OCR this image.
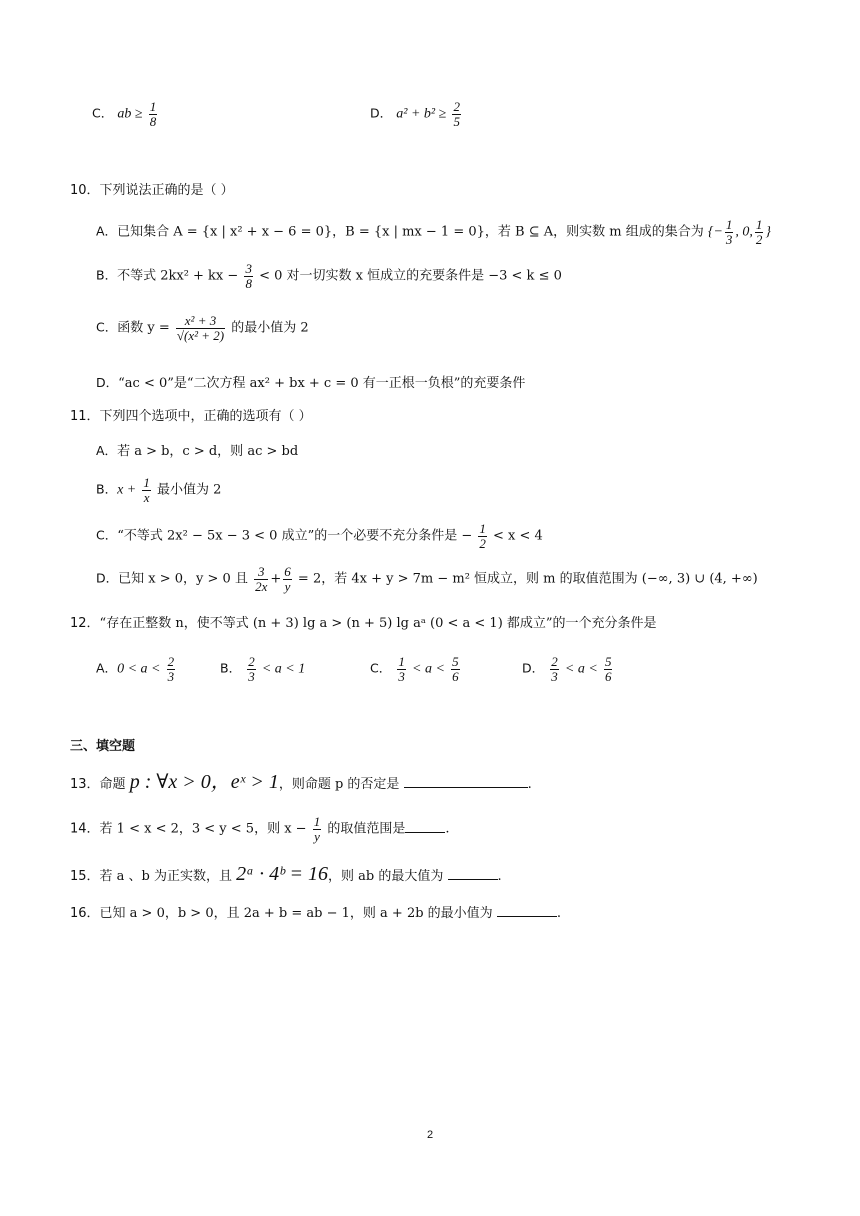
C． ab ≥ $\frac{1}{8}$	D． $a^2 + b^2 \ge \frac{2}{5}$
10．下列说法正确的是（ ）
A．已知集合 A = {x | x² + x − 6 = 0}，B = {x | mx − 1 = 0}，若 B ⊆ A，则实数 m 组成的集合为 {− $\frac{1}{3}$ , 0, $\frac{1}{2}$ }
B．不等式 2kx² + kx − $\frac{3}{8} < 0$ 对一切实数 x 恒成立的充要条件是 −3 < k ≤ 0
C．函数 $y = \frac{\text{x² + 3}}{\text{√(x² + 2)}}$ 的最小值为 2
D．“ac < 0”是“二次方程 ax² + bx + c = 0 有一正根一负根”的充要条件
11．下列四个选项中，正确的选项有（ ）
A．若 a > b，c > d，则 ac > bd
B．$x + \frac{1}{x}$ 最小值为 2
C．“不等式 2x² − 5x − 3 < 0 成立”的一个必要不充分条件是 − $\frac{1}{2} < x < 4$
D．已知 x > 0，y > 0 且 $\frac{3}{2x} + \frac{6}{y} = 2$，若 4x + y > 7m − m² 恒成立，则 m 的取值范围为 (−∞, 3) ∪ (4, +∞)
12．“存在正整数 n，使不等式 (n + 3) lg a > (n + 5) lg aᵃ (0 < a < 1) 都成立”的一个充分条件是
A．$0 < a < \frac{2}{3}$	B． $\frac{2}{3} < a < 1$	C． $\frac{1}{3} < a < \frac{5}{6}$	D． $\frac{2}{3} < a < \frac{5}{6}$
三、填空题
13．命题 p : ∀x > 0，eˣ > 1，则命题 p 的否定是	.
14．若 1 < x < 2，3 < y < 5，则 $x - \frac{1}{y}$ 的取值范围是	.
15．若 a 、b 为正实数，且 2ᵃ · 4ᵇ = 16，则 ab 的最大值为	.
16．已知 a > 0，b > 0，且 2a + b = ab − 1，则 a + 2b 的最小值为	.
2
